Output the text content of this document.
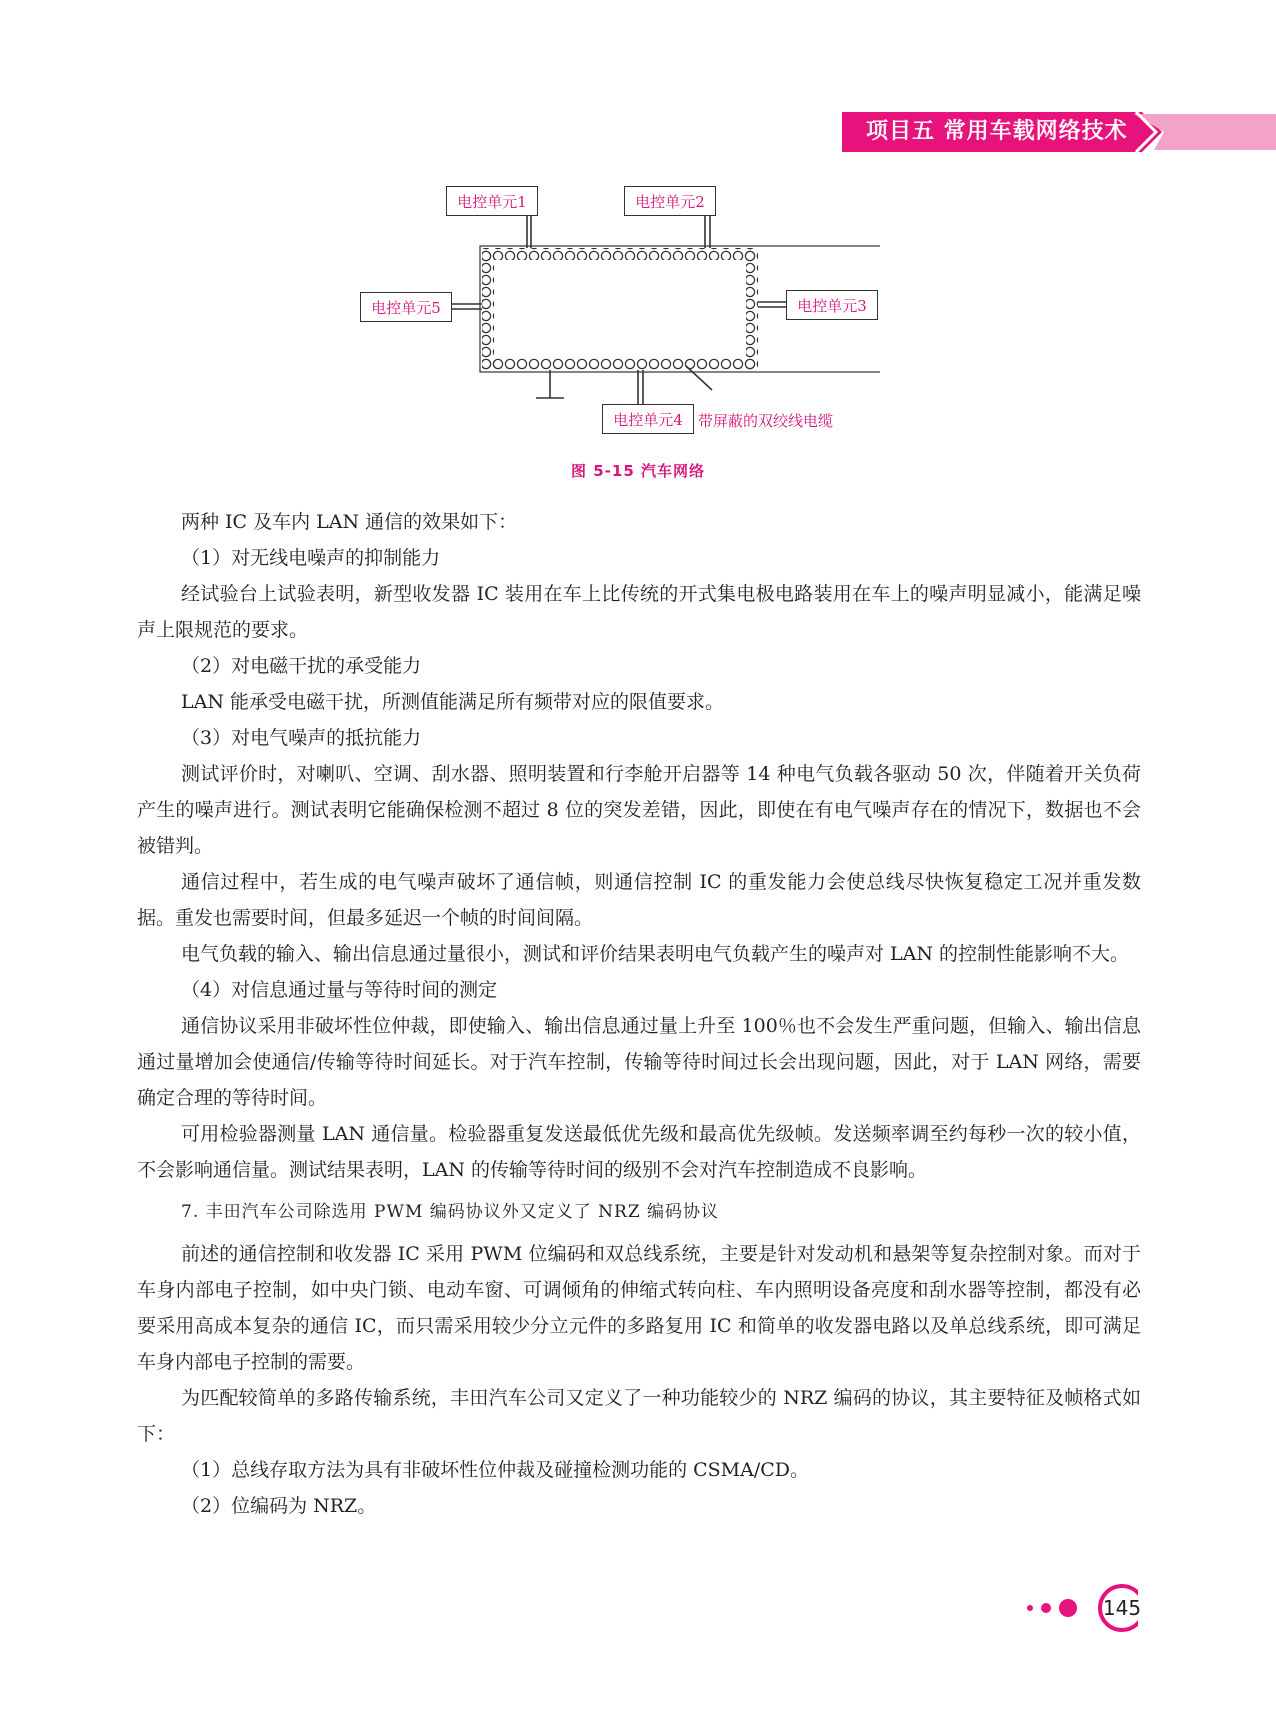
项目五 常用车载网络技术
电控单元1	电控单元2
电控单元3
电控单元4
电控单元5
带屏蔽的双绞线电缆
图 5-15 汽车网络

两种 IC 及车内 LAN 通信的效果如下：

（1）对无线电噪声的抑制能力

经试验台上试验表明，新型收发器 IC 装用在车上比传统的开式集电极电路装用在车上的噪声明显减小，能满足噪声上限规范的要求。

（2）对电磁干扰的承受能力

LAN 能承受电磁干扰，所测值能满足所有频带对应的限值要求。

（3）对电气噪声的抵抗能力

测试评价时，对喇叭、空调、刮水器、照明装置和行李舱开启器等 14 种电气负载各驱动 50 次，伴随着开关负荷产生的噪声进行。测试表明它能确保检测不超过 8 位的突发差错，因此，即使在有电气噪声存在的情况下，数据也不会被错判。

通信过程中，若生成的电气噪声破坏了通信帧，则通信控制 IC 的重发能力会使总线尽快恢复稳定工况并重发数据。重发也需要时间，但最多延迟一个帧的时间间隔。

电气负载的输入、输出信息通过量很小，测试和评价结果表明电气负载产生的噪声对 LAN 的控制性能影响不大。

（4）对信息通过量与等待时间的测定

通信协议采用非破坏性位仲裁，即使输入、输出信息通过量上升至 100％也不会发生严重问题，但输入、输出信息通过量增加会使通信/传输等待时间延长。对于汽车控制，传输等待时间过长会出现问题，因此，对于 LAN 网络，需要确定合理的等待时间。

可用检验器测量 LAN 通信量。检验器重复发送最低优先级和最高优先级帧。发送频率调至约每秒一次的较小值，不会影响通信量。测试结果表明，LAN 的传输等待时间的级别不会对汽车控制造成不良影响。

7. 丰田汽车公司除选用 PWM 编码协议外又定义了 NRZ 编码协议

前述的通信控制和收发器 IC 采用 PWM 位编码和双总线系统，主要是针对发动机和悬架等复杂控制对象。而对于车身内部电子控制，如中央门锁、电动车窗、可调倾角的伸缩式转向柱、车内照明设备亮度和刮水器等控制，都没有必要采用高成本复杂的通信 IC，而只需采用较少分立元件的多路复用 IC 和简单的收发器电路以及单总线系统，即可满足车身内部电子控制的需要。

为匹配较简单的多路传输系统，丰田汽车公司又定义了一种功能较少的 NRZ 编码的协议，其主要特征及帧格式如下：

（1）总线存取方法为具有非破坏性位仲裁及碰撞检测功能的 CSMA/CD。

（2）位编码为 NRZ。

145
